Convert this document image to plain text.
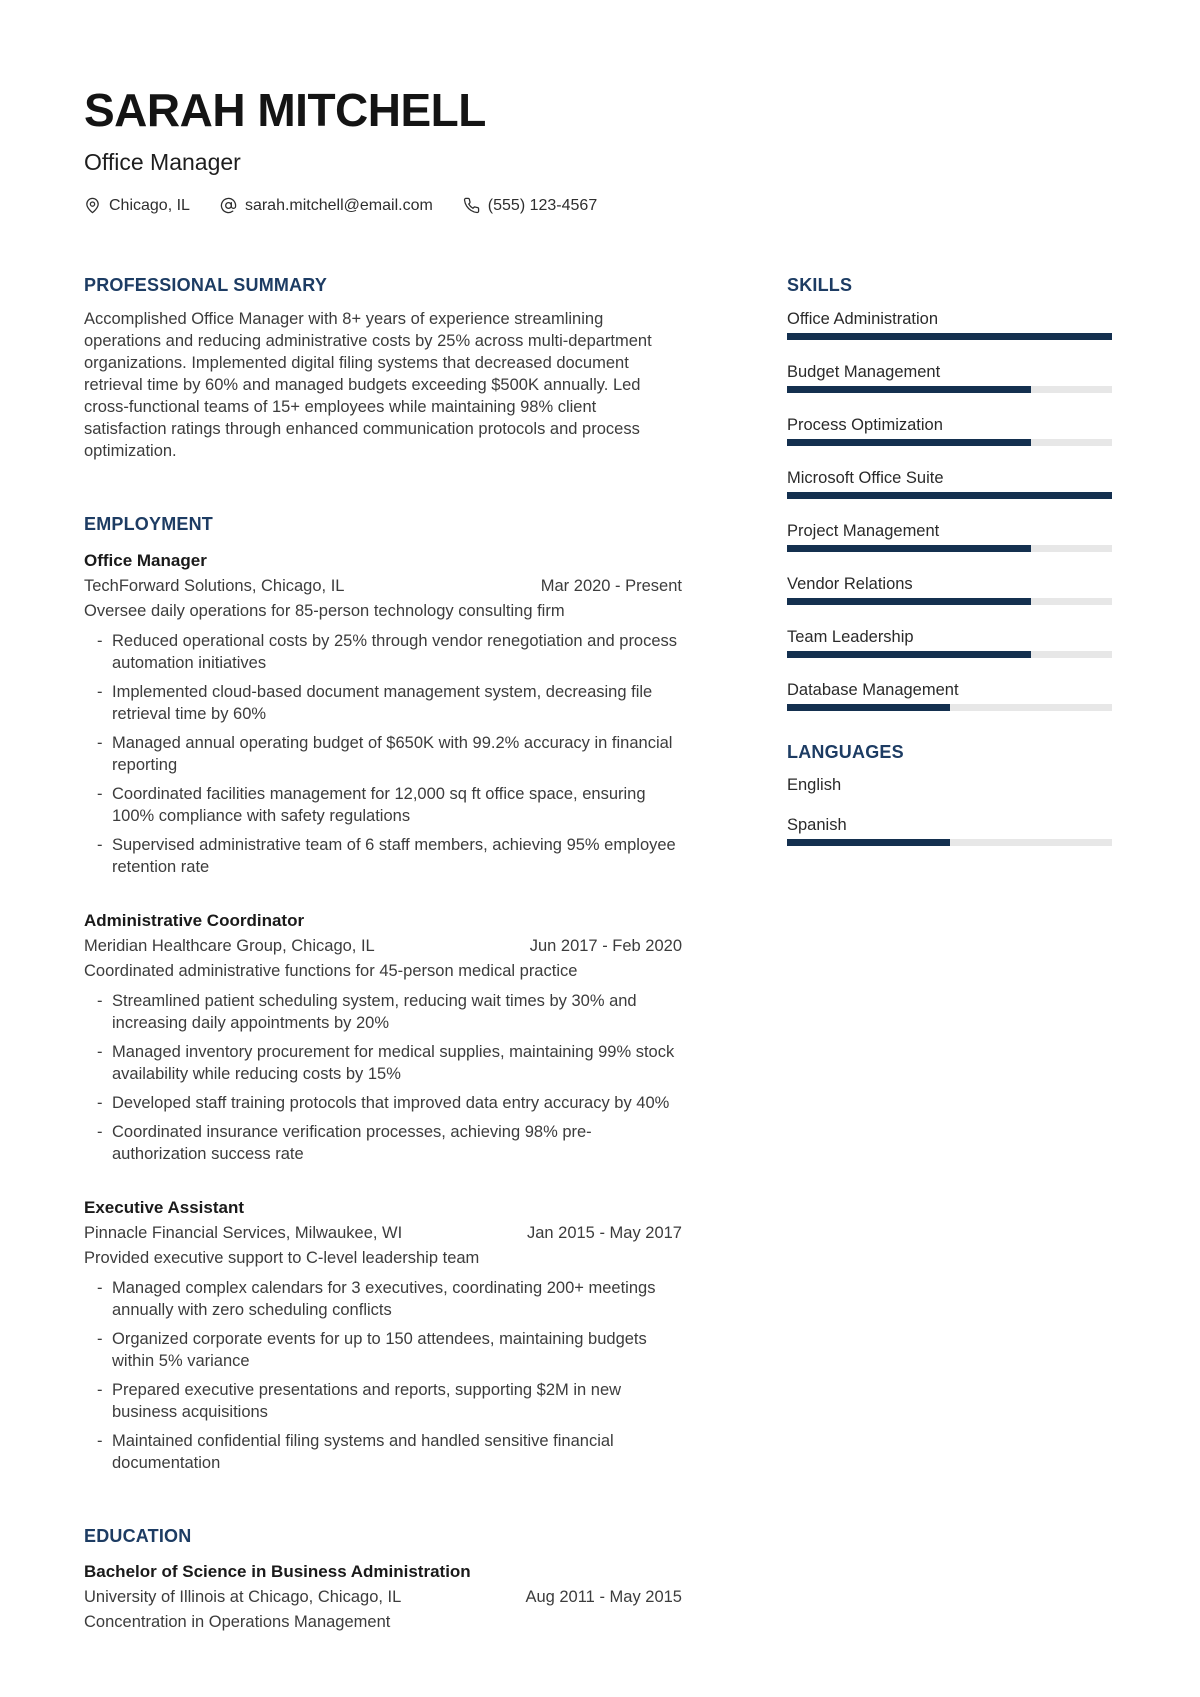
SARAH MITCHELL

Office Manager

Chicago, IL	sarah.mitchell@email.com	(555) 123-4567
PROFESSIONAL SUMMARY

Accomplished Office Manager with 8+ years of experience streamlining operations and reducing administrative costs by 25% across multi-department organizations. Implemented digital filing systems that decreased document retrieval time by 60% and managed budgets exceeding $500K annually. Led cross-functional teams of 15+ employees while maintaining 98% client satisfaction ratings through enhanced communication protocols and process optimization.

EMPLOYMENT

Office Manager

TechForward Solutions, Chicago, IL	Mar 2020 - Present
Oversee daily operations for 85-person technology consulting firm
- Reduced operational costs by 25% through vendor renegotiation and process automation initiatives
- Implemented cloud-based document management system, decreasing file retrieval time by 60%
- Managed annual operating budget of $650K with 99.2% accuracy in financial reporting
- Coordinated facilities management for 12,000 sq ft office space, ensuring 100% compliance with safety regulations
- Supervised administrative team of 6 staff members, achieving 95% employee retention rate

Administrative Coordinator

Meridian Healthcare Group, Chicago, IL	Jun 2017 - Feb 2020
Coordinated administrative functions for 45-person medical practice
- Streamlined patient scheduling system, reducing wait times by 30% and increasing daily appointments by 20%
- Managed inventory procurement for medical supplies, maintaining 99% stock availability while reducing costs by 15%
- Developed staff training protocols that improved data entry accuracy by 40%
- Coordinated insurance verification processes, achieving 98% pre-authorization success rate

Executive Assistant

Pinnacle Financial Services, Milwaukee, WI	Jan 2015 - May 2017
Provided executive support to C-level leadership team
- Managed complex calendars for 3 executives, coordinating 200+ meetings annually with zero scheduling conflicts
- Organized corporate events for up to 150 attendees, maintaining budgets within 5% variance
- Prepared executive presentations and reports, supporting $2M in new business acquisitions
- Maintained confidential filing systems and handled sensitive financial documentation
EDUCATION

Bachelor of Science in Business Administration

University of Illinois at Chicago, Chicago, IL	Aug 2011 - May 2015
Concentration in Operations Management
SKILLS
Office Administration
Budget Management
Process Optimization
Microsoft Office Suite
Project Management
Vendor Relations
Team Leadership
Database Management
LANGUAGES
English
Spanish
